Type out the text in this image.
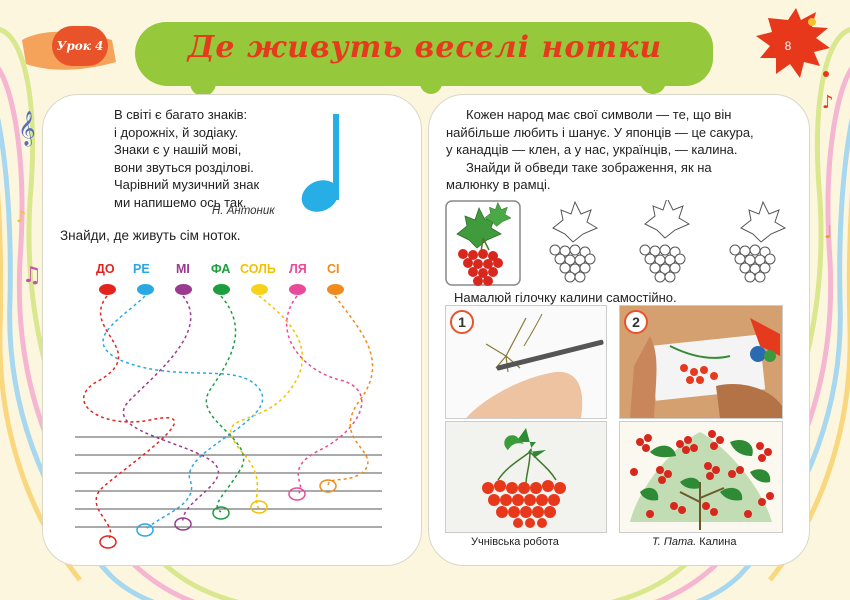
𝄞
♫
♪
♪
♩
Де живуть веселі нотки
Урок 4	8
В світі є багато знаків:
і дорожніх, й зодіаку.
Знаки є у нашій мові,
вони звуться розділові.
Чарівний музичний знак
ми напишемо ось так.
Н. Антоник
Знайди, де живуть сім ноток.
ДО РЕ МІ ФА СОЛЬ ЛЯ СІ
Кожен народ має свої символи — те, що він
найбільше любить і шанує. У японців — це сакура,
у канадців — клен, а у нас, українців, — калина.
Знайди й обведи таке зображення, як на
малюнку в рамці.
Намалюй гілочку калини самостійно.
1	2
Учнівська робота	Т. Пата. Калина
